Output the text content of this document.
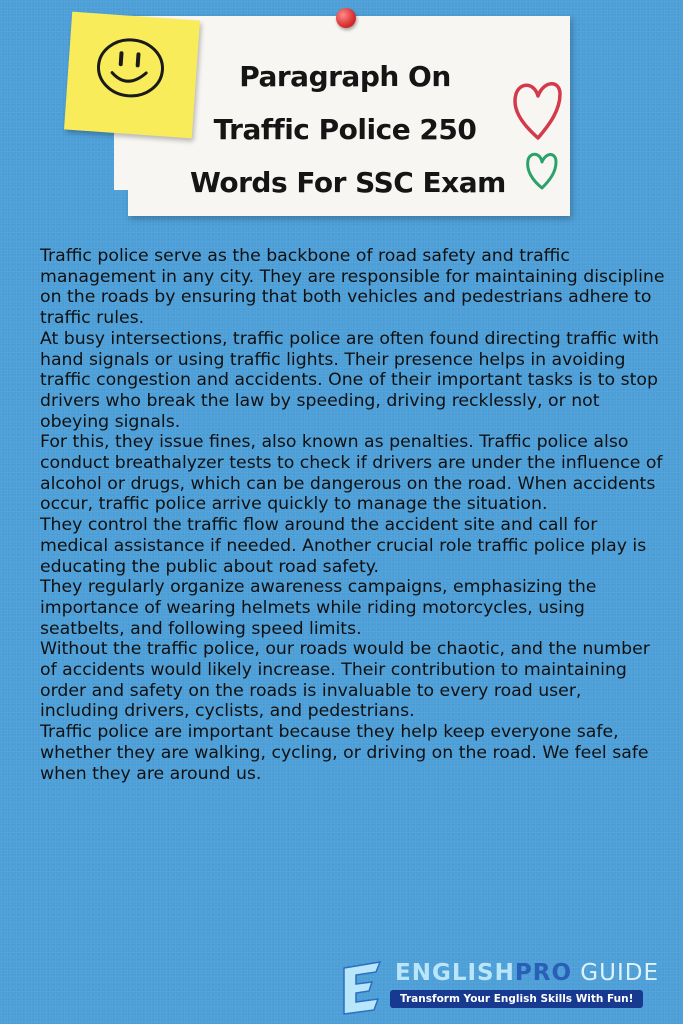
Paragraph On
Traffic Police 250
Words For SSC Exam

Traffic police serve as the backbone of road safety and traffic management in any city. They are responsible for maintaining discipline on the roads by ensuring that both vehicles and pedestrians adhere to traffic rules.

At busy intersections, traffic police are often found directing traffic with hand signals or using traffic lights. Their presence helps in avoiding traffic congestion and accidents. One of their important tasks is to stop drivers who break the law by speeding, driving recklessly, or not obeying signals.

For this, they issue fines, also known as penalties. Traffic police also conduct breathalyzer tests to check if drivers are under the influence of alcohol or drugs, which can be dangerous on the road. When accidents occur, traffic police arrive quickly to manage the situation.

They control the traffic flow around the accident site and call for medical assistance if needed. Another crucial role traffic police play is educating the public about road safety.

They regularly organize awareness campaigns, emphasizing the importance of wearing helmets while riding motorcycles, using seatbelts, and following speed limits.

Without the traffic police, our roads would be chaotic, and the number of accidents would likely increase. Their contribution to maintaining order and safety on the roads is invaluable to every road user, including drivers, cyclists, and pedestrians.

Traffic police are important because they help keep everyone safe, whether they are walking, cycling, or driving on the road. We feel safe when they are around us.

ENGLISHPRO GUIDE
Transform Your English Skills With Fun!
